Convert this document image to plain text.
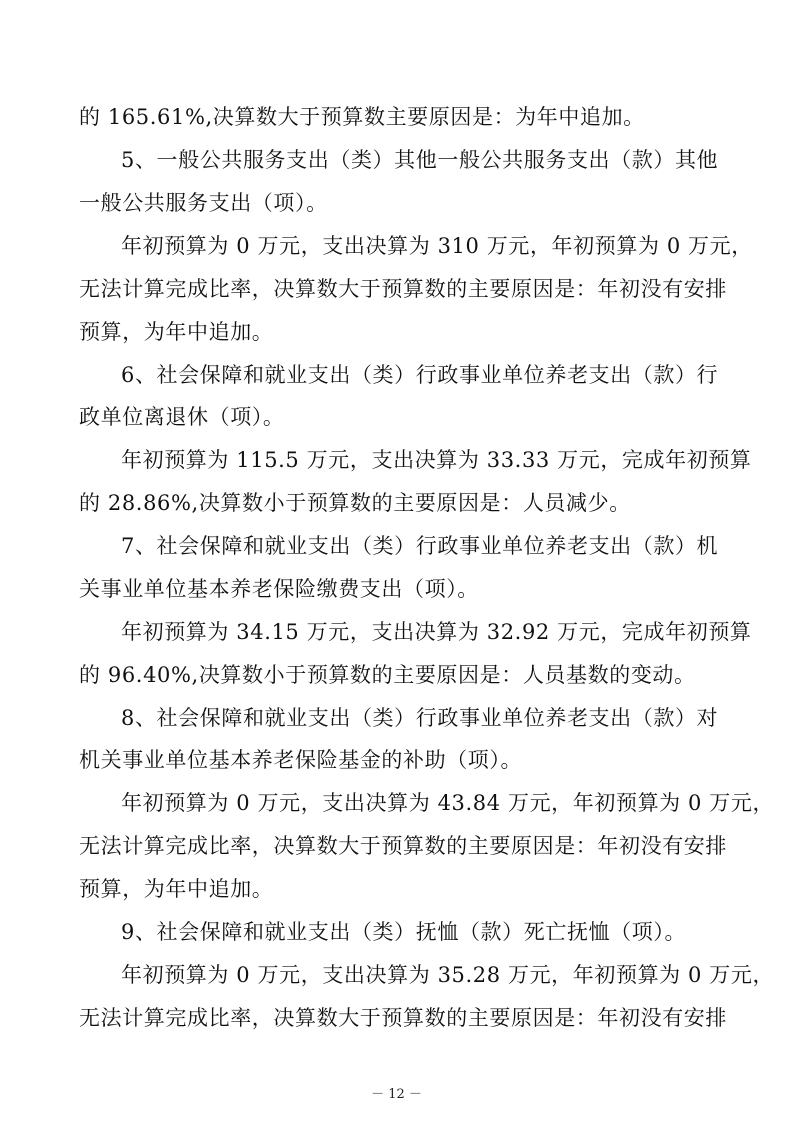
的 165.61%,决算数大于预算数主要原因是：为年中追加。
5、一般公共服务支出（类）其他一般公共服务支出（款）其他
一般公共服务支出（项）。
年初预算为 0 万元，支出决算为 310 万元，年初预算为 0 万元，
无法计算完成比率，决算数大于预算数的主要原因是：年初没有安排
预算，为年中追加。
6、社会保障和就业支出（类）行政事业单位养老支出（款）行
政单位离退休（项）。
年初预算为 115.5 万元，支出决算为 33.33 万元，完成年初预算
的 28.86%,决算数小于预算数的主要原因是：人员减少。
7、社会保障和就业支出（类）行政事业单位养老支出（款）机
关事业单位基本养老保险缴费支出（项）。
年初预算为 34.15 万元，支出决算为 32.92 万元，完成年初预算
的 96.40%,决算数小于预算数的主要原因是：人员基数的变动。
8、社会保障和就业支出（类）行政事业单位养老支出（款）对
机关事业单位基本养老保险基金的补助（项）。
年初预算为 0 万元，支出决算为 43.84 万元，年初预算为 0 万元，
无法计算完成比率，决算数大于预算数的主要原因是：年初没有安排
预算，为年中追加。
9、社会保障和就业支出（类）抚恤（款）死亡抚恤（项）。
年初预算为 0 万元，支出决算为 35.28 万元，年初预算为 0 万元，
无法计算完成比率，决算数大于预算数的主要原因是：年初没有安排
－ 12 －
